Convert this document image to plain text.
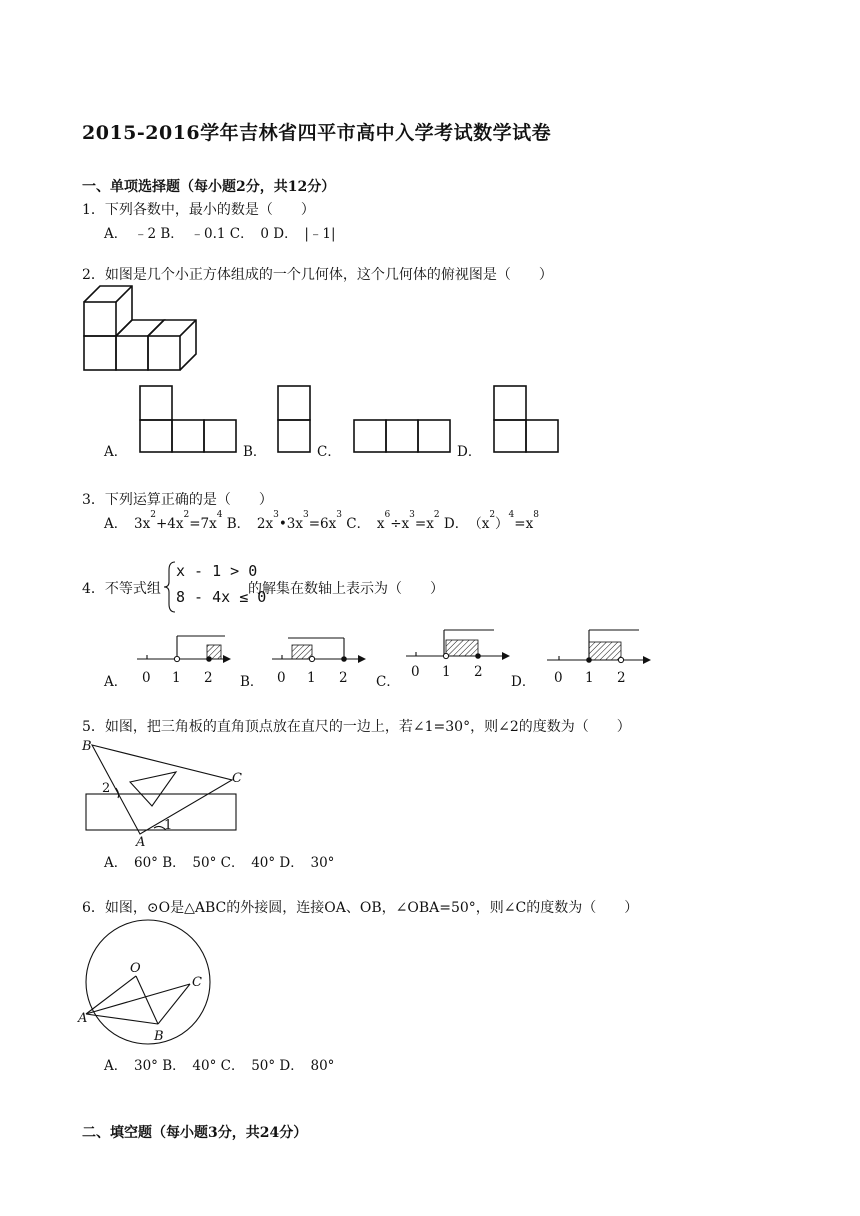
2015-2016学年吉林省四平市高中入学考试数学试卷
一、单项选择题（每小题2分，共12分）
1．下列各数中，最小的数是（　　）
A．　﹣2 B．　﹣0.1 C．　0 D．　|﹣1|
2．如图是几个小正方体组成的一个几何体，这个几何体的俯视图是（　　）
A．	B．	C．	D．
3．下列运算正确的是（　　）
A．　$3x^2+4x^2=7x^4$ B．　$2x^3•3x^3=6x^3$ C．　$x^6\div x^3=x^2$ D．　$(x^2)^4=x^8$
4．不等式组
x - 1 > 0
8 - 4x ≤ 0
的解集在数轴上表示为（　　）
A．	B．	C．	D．
0 1 2	0 1 2	0 1 2	0 1 2
5．如图，把三角板的直角顶点放在直尺的一边上，若∠1=30°，则∠2的度数为（　　）
B
C
A
2
1
A．　60° B．　50° C．　40° D．　30°
6．如图，⊙O是△ABC的外接圆，连接OA、OB，∠OBA=50°，则∠C的度数为（　　）
O
C
A
B
A．　30° B．　40° C．　50° D．　80°
二、填空题（每小题3分，共24分）
